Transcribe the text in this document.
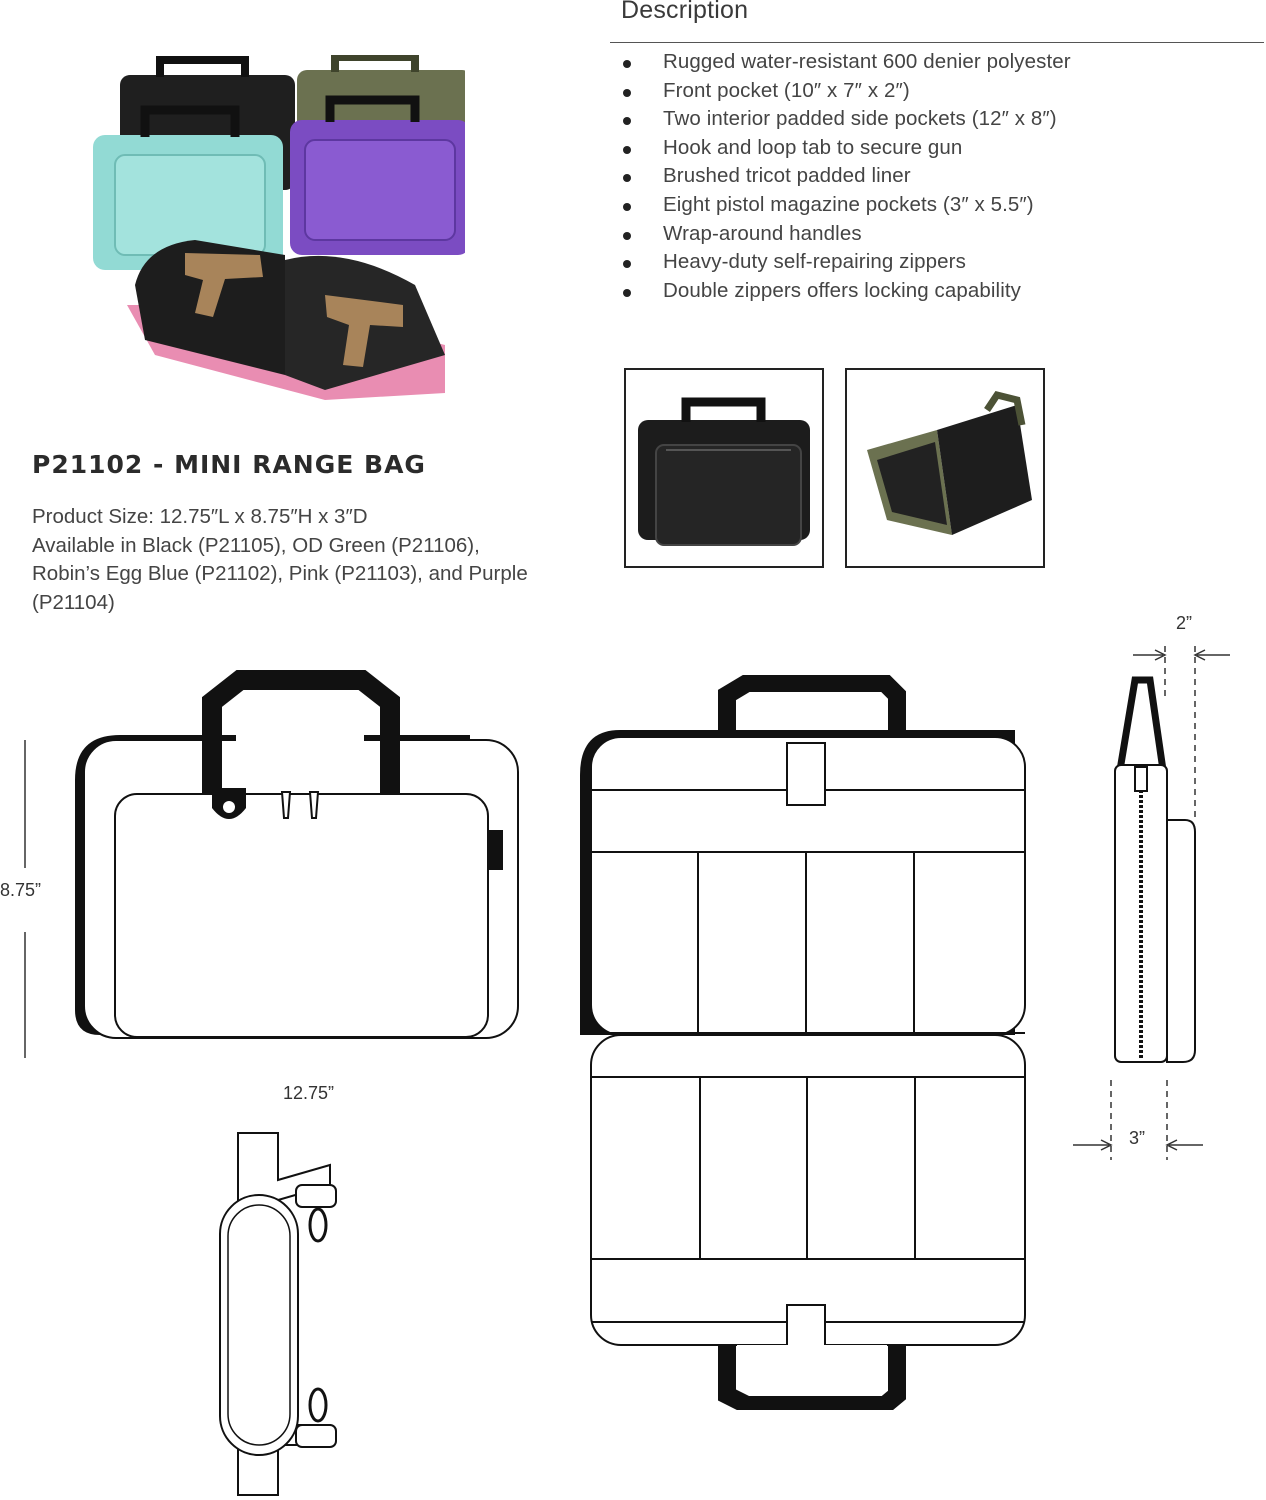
Description
Rugged water-resistant 600 denier polyester
Front pocket (10″ x 7″ x 2″)
Two interior padded side pockets (12″ x 8″)
Hook and loop tab to secure gun
Brushed tricot padded liner
Eight pistol magazine pockets (3″ x 5.5″)
Wrap-around handles
Heavy-duty self-repairing zippers
Double zippers offers locking capability
P21102 - MINI RANGE BAG
Product Size: 12.75″L x 8.75″H x 3″D
Available in Black (P21105), OD Green (P21106),
Robin’s Egg Blue (P21102), Pink (P21103), and Purple
(P21104)
8.75”
12.75”
2”
3”
